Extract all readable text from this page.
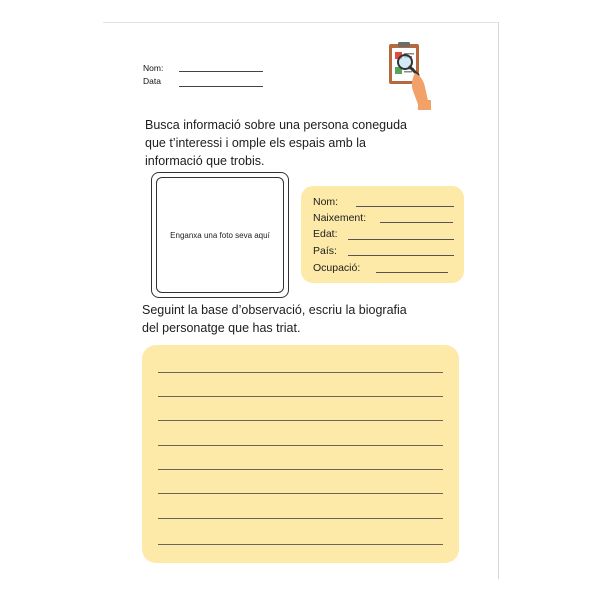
Nom:
Data
Busca informació sobre una persona coneguda
que t’interessi i omple els espais amb la
informació que trobis.
Enganxa una foto seva aquí
Nom:
Naixement:
Edat:
País:
Ocupació:
Seguint la base d’observació, escriu la biografia
del personatge que has triat.
